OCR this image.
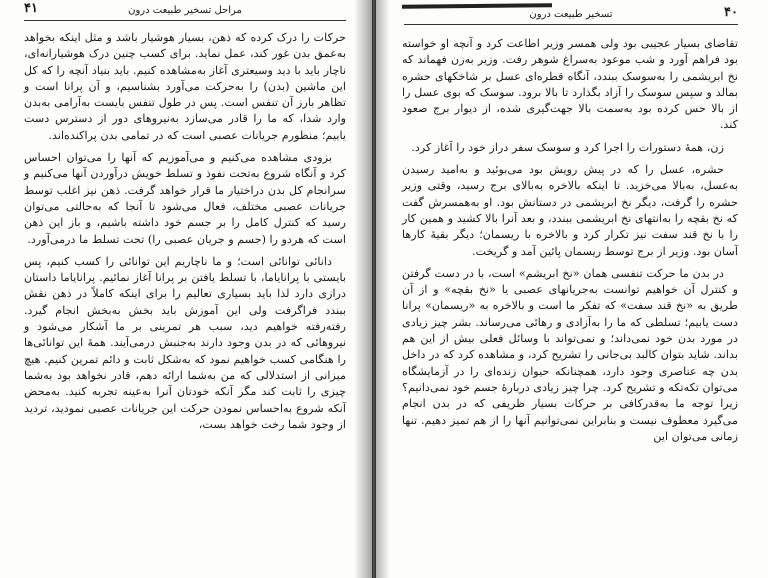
مراحل تسخیر طبیعت درون
۴۱

حرکات را درک کرده که ذهن، بسیار هوشیار باشد و مثل اینکه بخواهد به‌عمق بدن غور کند، عمل نماید. برای کسب چنین درک هوشیارانه‌ای، ناچار باید با دید وسیعتری آغاز به‌مشاهده کنیم. باید بنیاد آنچه را که کل این ماشین (بدن) را به‌حرکت می‌آورد بشناسیم، و آن پرانا است و تظاهر بارز آن تنفس است. پس در طول تنفس بایست به‌آرامی به‌بدن وارد شدا، که ما را قادر می‌سازد به‌نیروهای دور از دسترس دست یابیم؛ منظورم جریانات عصبی است که در تمامی بدن پراکنده‌اند.

بزودی مشاهده می‌کنیم و می‌آموزیم که آنها را می‌توان احساس کرد و آنگاه شروع به‌تحت نفوذ و تسلط خویش درآوردن آنها می‌کنیم و سرانجام کل بدن دراختیار ما قرار خواهد گرفت. ذهن نیز اغلب توسط جریانات عصبی مختلف، فعال می‌شود تا آنجا که به‌حالتی می‌توان رسید که کنترل کامل را بر جسم خود داشته باشیم، و باز این ذهن است که هردو را (جسم و جریان عصبی را) تحت تسلط ما درمی‌آورد.

دانائی توانائی است؛ و ما ناچاریم این توانائی را کسب کنیم، پس بایستی با پرانایاما، با تسلط یافتن بر پرانا آغاز نمائیم. پرانایاما داستان درازی دارد لذا باید بسیاری تعالیم را برای اینکه کاملاً در ذهن نقش ببندد فراگرفت ولی این آموزش باید بخش به‌بخش انجام گیرد. رفته‌رفته خواهیم دید، سبب هر تمرینی بر ما آشکار می‌شود و نیروهائی که در بدن وجود دارند به‌جنبش درمی‌آیند. همهٔ این توانائی‌ها را هنگامی کسب خواهیم نمود که به‌شکل ثابت و دائم تمرین کنیم. هیچ میزانی از استدلالی که من به‌شما ارائه دهم، قادر نخواهد بود به‌شما چیزی را ثابت کند مگر آنکه خودتان آنرا به‌عینه تجربه کنید. به‌محض آنکه شروع به‌احساس نمودن حرکت این جریانات عصبی نمودید، تردید از وجود شما رخت خواهد بست،

تسخیر طبیعت درون	۴۰

تقاضای بسیار عجیبی بود ولی همسر وزیر اطاعت کرد و آنچه او خواسته بود فراهم آورد و شب موعود به‌سراغ شوهر رفت. وزیر به‌زن فهماند که نخ ابریشمی را به‌سوسک ببندد، آنگاه قطره‌ای عسل بر شاخکهای حشره بمالد و سپس سوسک را آزاد بگذارد تا بالا برود. سوسک که بوی عسل را از بالا حس کرده بود به‌سمت بالا جهت‌گیری شده، از دیوار برج صعود کند.

زن، همهٔ دستورات را اجرا کرد و سوسک سفر دراز خود را آغاز کرد.

حشره، عسل را که در پیش رویش بود می‌بوئید و به‌امید رسیدن به‌عسل، به‌بالا می‌خزید. تا اینکه بالاخره به‌بالای برج رسید، وقتی وزیر حشره را گرفت، دیگر نخ ابریشمی در دستانش بود. او به‌همسرش گفت که نخ بقچه را به‌انتهای نخ ابریشمی ببندد، و بعد آنرا بالا کشید و همین کار را با نخ قند سفت نیز تکرار کرد و بالاخره با ریسمان؛ دیگر بقیهٔ کارها آسان بود. وزیر از برج توسط ریسمان پائین آمد و گریخت.

در بدن ما حرکت تنفسی همان «نخ ابریشم» است، با در دست گرفتن و کنترل آن خواهیم توانست به‌جریانهای عصبی یا «نخ بقچه» و از آن طریق به «نخ قند سفت» که تفکر ما است و بالاخره به «ریسمان» پرانا دست یابیم؛ تسلطی که ما را به‌آزادی و رهائی می‌رساند. بشر چیز زیادی در مورد بدن خود نمی‌داند؛ و نمی‌تواند با وسائل فعلی بیش از این هم بداند. شاید بتوان کالبد بی‌جانی را تشریح کرد، و مشاهده کرد که در داخل بدن چه عناصری وجود دارد، همچنانکه حیوان زنده‌ای را در آزمایشگاه می‌توان تکه‌تکه و تشریح کرد. چرا چیز زیادی دربارهٔ جسم خود نمی‌دانیم؟ زیرا توجه ما به‌قدرکافی بر حرکات بسیار ظریفی که در بدن انجام می‌گیرد معطوف نیست و بنابراین نمی‌توانیم آنها را از هم تمیز دهیم. تنها زمانی می‌توان این
